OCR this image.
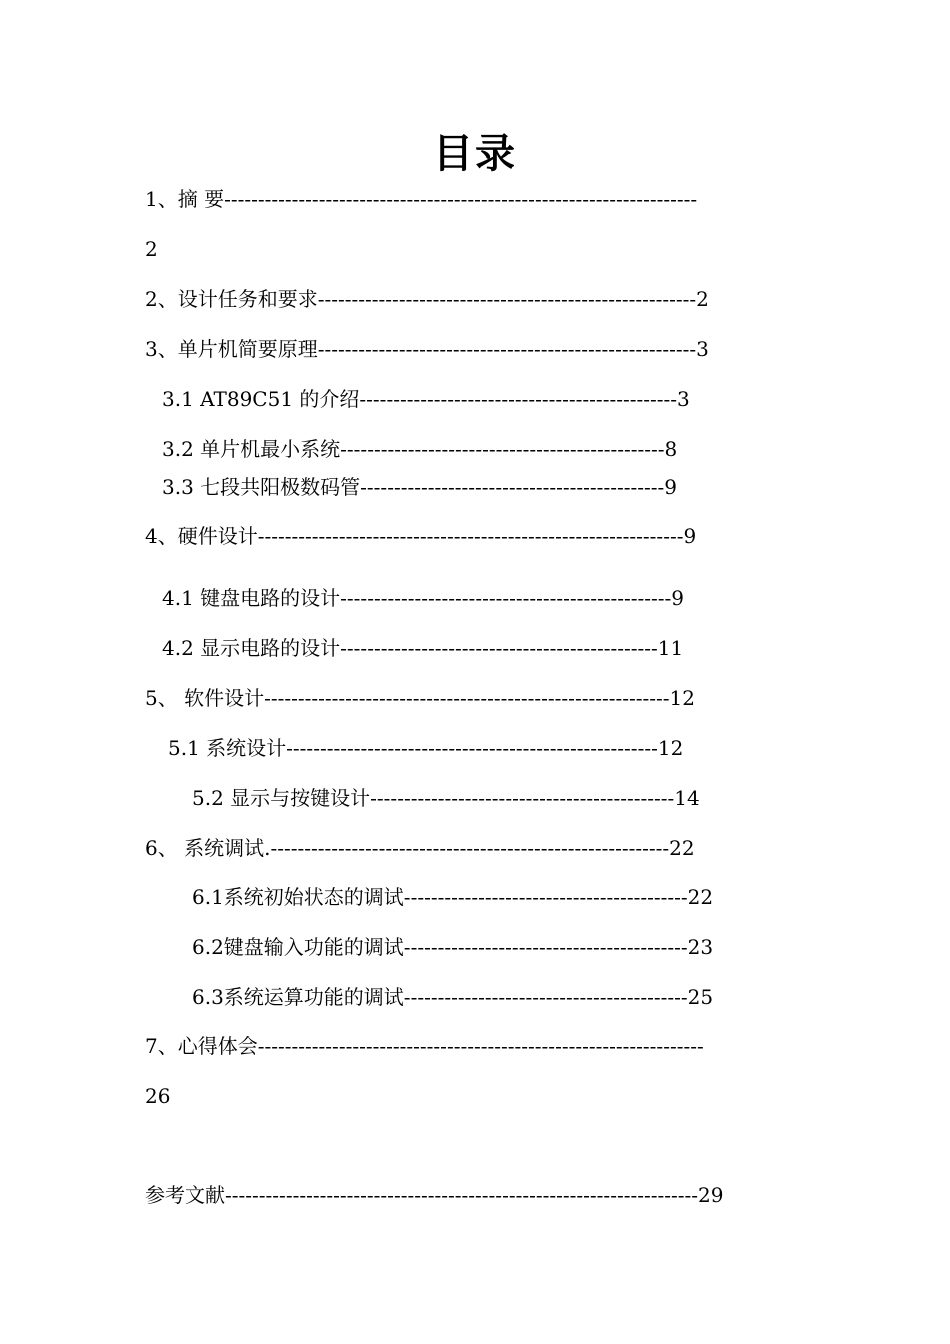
目录
1、摘 要----------------------------------------------------------------------
2
2、设计任务和要求--------------------------------------------------------2
3、单片机简要原理--------------------------------------------------------3
3.1 AT89C51 的介绍-----------------------------------------------3
3.2 单片机最小系统------------------------------------------------8
3.3 七段共阳极数码管---------------------------------------------9
4、硬件设计---------------------------------------------------------------9
4.1 键盘电路的设计-------------------------------------------------9
4.2 显示电路的设计-----------------------------------------------11
5、 软件设计------------------------------------------------------------12
5.1 系统设计-------------------------------------------------------12
5.2 显示与按键设计---------------------------------------------14
6、 系统调试.-----------------------------------------------------------22
6.1系统初始状态的调试------------------------------------------22
6.2键盘输入功能的调试------------------------------------------23
6.3系统运算功能的调试------------------------------------------25
7、心得体会------------------------------------------------------------------
26
参考文献----------------------------------------------------------------------29
